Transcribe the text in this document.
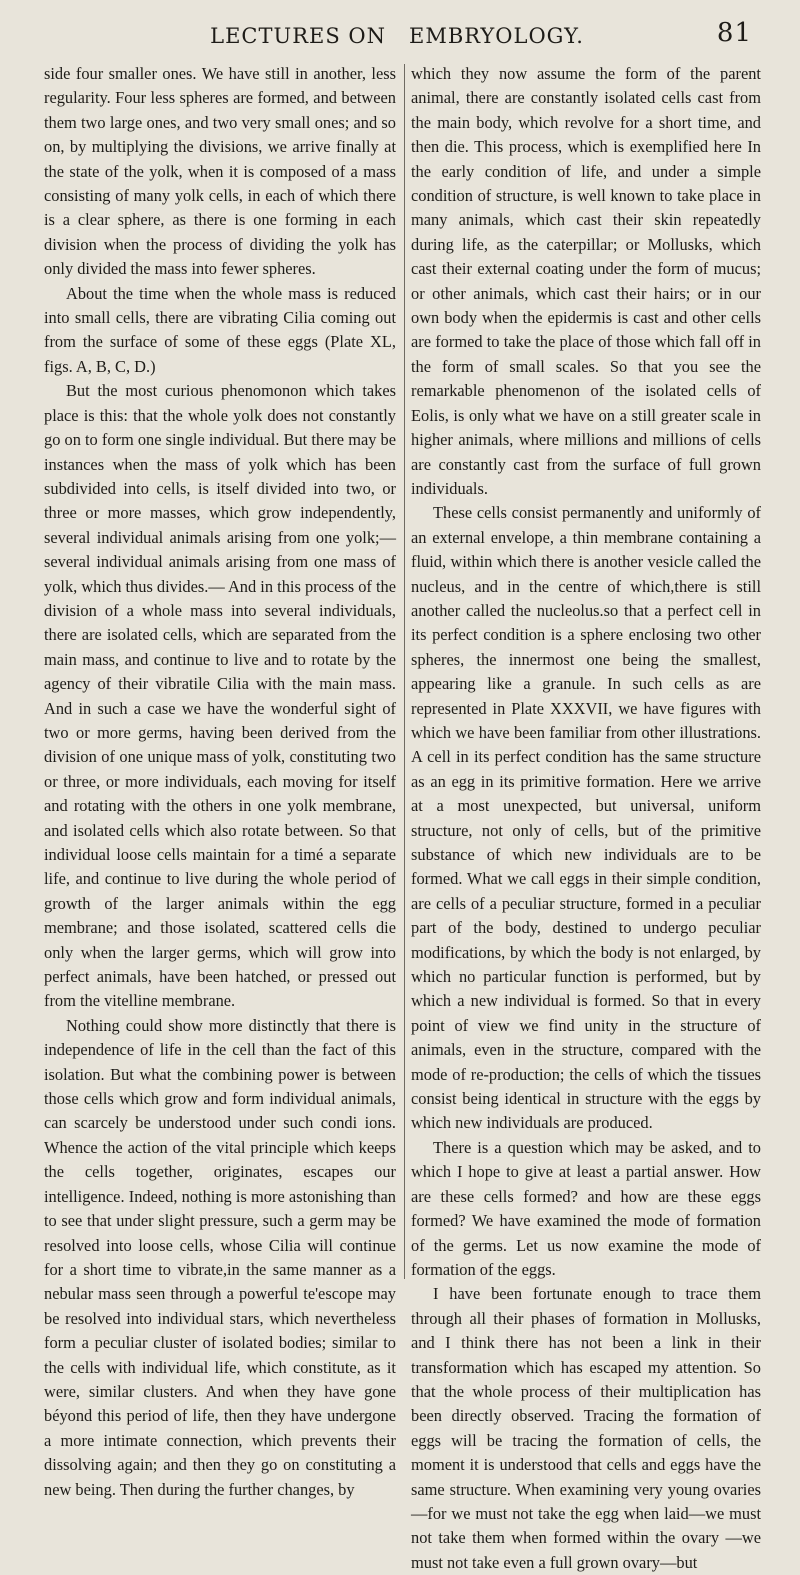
LECTURES ON EMBRYOLOGY.	81

side four smaller ones. We have still in another, less regularity. Four less spheres are formed, and between them two large ones, and two very small ones; and so on, by multiplying the divisions, we arrive finally at the state of the yolk, when it is composed of a mass consisting of many yolk cells, in each of which there is a clear sphere, as there is one forming in each division when the process of dividing the yolk has only divided the mass into fewer spheres.

About the time when the whole mass is reduced into small cells, there are vibrating Cilia coming out from the surface of some of these eggs (Plate XL, figs. A, B, C, D.)

But the most curious phenomonon which takes place is this: that the whole yolk does not constantly go on to form one single individual. But there may be instances when the mass of yolk which has been subdivided into cells, is itself divided into two, or three or more masses, which grow independently, several individual animals arising from one yolk;—several individual animals arising from one mass of yolk, which thus divides.— And in this process of the division of a whole mass into several individuals, there are isolated cells, which are separated from the main mass, and continue to live and to rotate by the agency of their vibratile Cilia with the main mass. And in such a case we have the wonderful sight of two or more germs, having been derived from the division of one unique mass of yolk, constituting two or three, or more individuals, each moving for itself and rotating with the others in one yolk membrane, and isolated cells which also rotate between. So that individual loose cells maintain for a timé a separate life, and continue to live during the whole period of growth of the larger animals within the egg membrane; and those isolated, scattered cells die only when the larger germs, which will grow into perfect animals, have been hatched, or pressed out from the vitelline membrane.

Nothing could show more distinctly that there is independence of life in the cell than the fact of this isolation. But what the combining power is between those cells which grow and form individual animals, can scarcely be understood under such condi ions. Whence the action of the vital principle which keeps the cells together, originates, escapes our intelligence. Indeed, nothing is more astonishing than to see that under slight pressure, such a germ may be resolved into loose cells, whose Cilia will continue for a short time to vibrate,in the same manner as a nebular mass seen through a powerful te'escope may be resolved into individual stars, which nevertheless form a peculiar cluster of isolated bodies; similar to the cells with individual life, which constitute, as it were, similar clusters. And when they have gone béyond this period of life, then they have undergone a more intimate connection, which prevents their dissolving again; and then they go on constituting a new being. Then during the further changes, by

which they now assume the form of the parent animal, there are constantly isolated cells cast from the main body, which revolve for a short time, and then die. This process, which is exemplified here In the early condition of life, and under a simple condition of structure, is well known to take place in many animals, which cast their skin repeatedly during life, as the caterpillar; or Mollusks, which cast their external coating under the form of mucus; or other animals, which cast their hairs; or in our own body when the epidermis is cast and other cells are formed to take the place of those which fall off in the form of small scales. So that you see the remarkable phenomenon of the isolated cells of Eolis, is only what we have on a still greater scale in higher animals, where millions and millions of cells are constantly cast from the surface of full grown individuals.

These cells consist permanently and uniformly of an external envelope, a thin membrane containing a fluid, within which there is another vesicle called the nucleus, and in the centre of which,there is still another called the nucleolus.so that a perfect cell in its perfect condition is a sphere enclosing two other spheres, the innermost one being the smallest, appearing like a granule. In such cells as are represented in Plate XXXVII, we have figures with which we have been familiar from other illustrations. A cell in its perfect condition has the same structure as an egg in its primitive formation. Here we arrive at a most unexpected, but universal, uniform structure, not only of cells, but of the primitive substance of which new individuals are to be formed. What we call eggs in their simple condition, are cells of a peculiar structure, formed in a peculiar part of the body, destined to undergo peculiar modifications, by which the body is not enlarged, by which no particular function is performed, but by which a new individual is formed. So that in every point of view we find unity in the structure of animals, even in the structure, compared with the mode of re-production; the cells of which the tissues consist being identical in structure with the eggs by which new individuals are produced.

There is a question which may be asked, and to which I hope to give at least a partial answer. How are these cells formed? and how are these eggs formed? We have examined the mode of formation of the germs. Let us now examine the mode of formation of the eggs.

I have been fortunate enough to trace them through all their phases of formation in Mollusks, and I think there has not been a link in their transformation which has escaped my attention. So that the whole process of their multiplication has been directly observed. Tracing the formation of eggs will be tracing the formation of cells, the moment it is understood that cells and eggs have the same structure. When examining very young ovaries—for we must not take the egg when laid—we must not take them when formed within the ovary —we must not take even a full grown ovary—but
